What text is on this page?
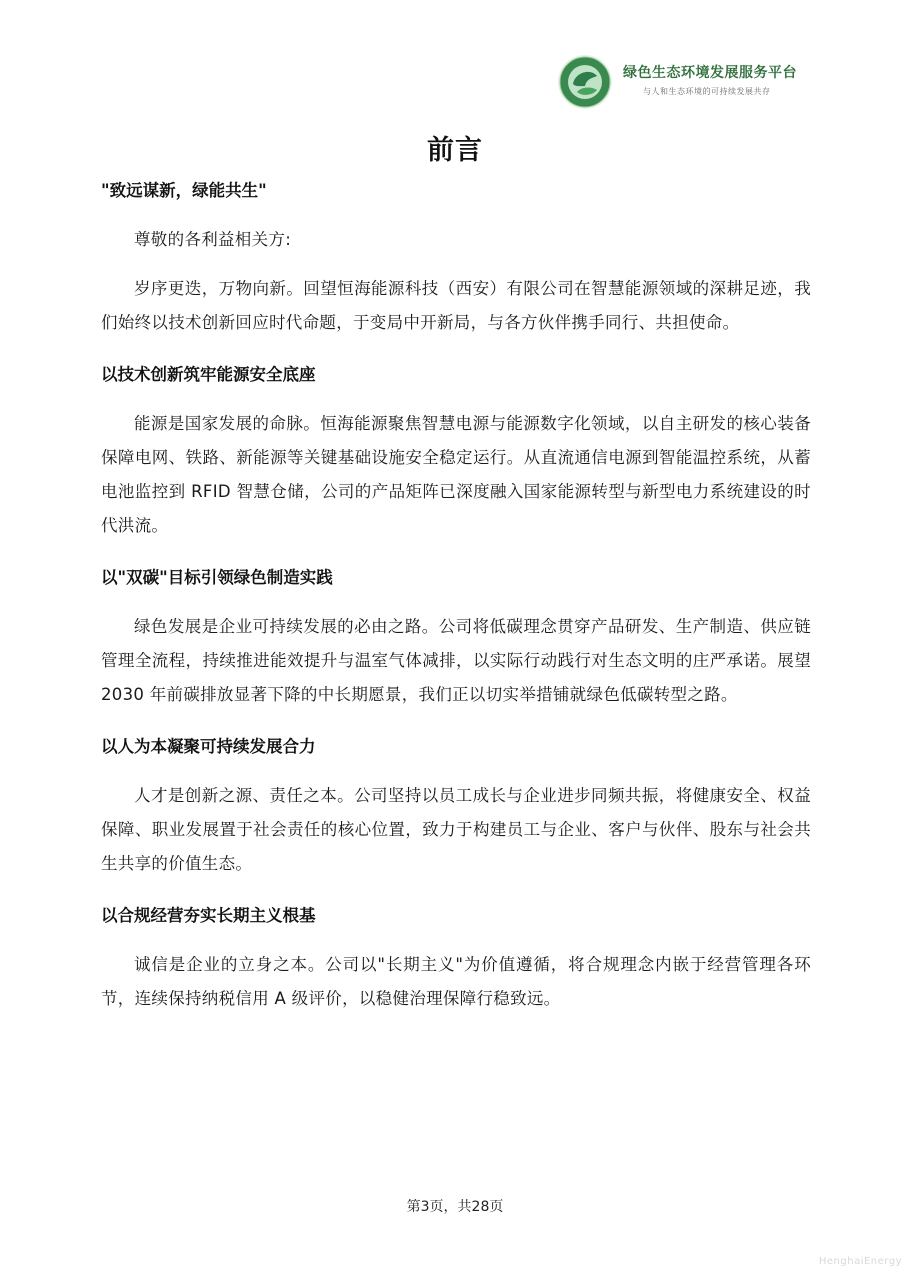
绿色生态环境发展服务平台
与人和生态环境的可持续发展共存
前言

"致远谋新，绿能共生"

尊敬的各利益相关方:

岁序更迭，万物向新。回望恒海能源科技（西安）有限公司在智慧能源领域的深耕足迹，我们始终以技术创新回应时代命题，于变局中开新局，与各方伙伴携手同行、共担使命。

以技术创新筑牢能源安全底座

能源是国家发展的命脉。恒海能源聚焦智慧电源与能源数字化领域，以自主研发的核心装备保障电网、铁路、新能源等关键基础设施安全稳定运行。从直流通信电源到智能温控系统，从蓄电池监控到 RFID 智慧仓储，公司的产品矩阵已深度融入国家能源转型与新型电力系统建设的时代洪流。

以"双碳"目标引领绿色制造实践

绿色发展是企业可持续发展的必由之路。公司将低碳理念贯穿产品研发、生产制造、供应链管理全流程，持续推进能效提升与温室气体减排，以实际行动践行对生态文明的庄严承诺。展望 2030 年前碳排放显著下降的中长期愿景，我们正以切实举措铺就绿色低碳转型之路。

以人为本凝聚可持续发展合力

人才是创新之源、责任之本。公司坚持以员工成长与企业进步同频共振，将健康安全、权益保障、职业发展置于社会责任的核心位置，致力于构建员工与企业、客户与伙伴、股东与社会共生共享的价值生态。

以合规经营夯实长期主义根基

诚信是企业的立身之本。公司以"长期主义"为价值遵循，将合规理念内嵌于经营管理各环节，连续保持纳税信用 A 级评价，以稳健治理保障行稳致远。

第3页，共28页
HenghaiEnergy
